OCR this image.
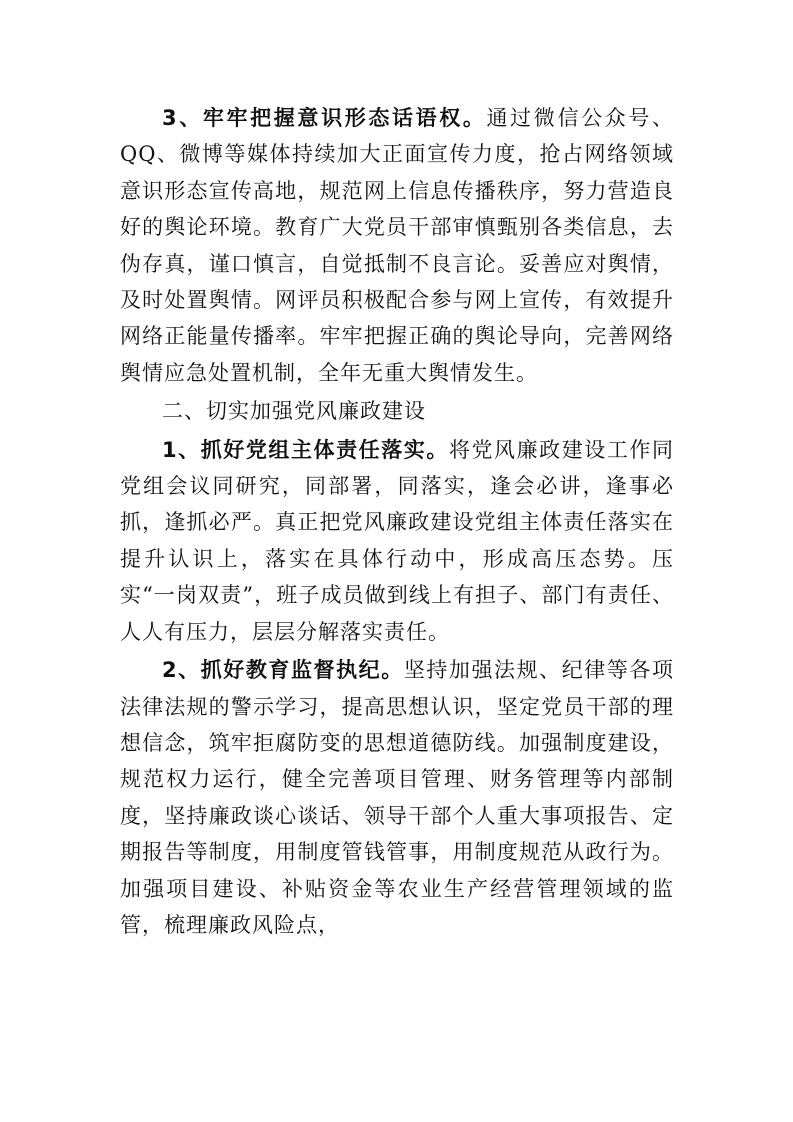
3、牢牢把握意识形态话语权。通过微信公众号、QQ、微博等媒体持续加大正面宣传力度，抢占网络领域意识形态宣传高地，规范网上信息传播秩序，努力营造良好的舆论环境。教育广大党员干部审慎甄别各类信息，去伪存真，谨口慎言，自觉抵制不良言论。妥善应对舆情，及时处置舆情。网评员积极配合参与网上宣传，有效提升网络正能量传播率。牢牢把握正确的舆论导向，完善网络舆情应急处置机制，全年无重大舆情发生。

二、切实加强党风廉政建设

1、抓好党组主体责任落实。将党风廉政建设工作同党组会议同研究，同部署，同落实，逢会必讲，逢事必抓，逢抓必严。真正把党风廉政建设党组主体责任落实在提升认识上，落实在具体行动中，形成高压态势。压实“一岗双责”，班子成员做到线上有担子、部门有责任、人人有压力，层层分解落实责任。

2、抓好教育监督执纪。坚持加强法规、纪律等各项法律法规的警示学习，提高思想认识，坚定党员干部的理想信念，筑牢拒腐防变的思想道德防线。加强制度建设，规范权力运行，健全完善项目管理、财务管理等内部制度，坚持廉政谈心谈话、领导干部个人重大事项报告、定期报告等制度，用制度管钱管事，用制度规范从政行为。加强项目建设、补贴资金等农业生产经营管理领域的监管，梳理廉政风险点，
